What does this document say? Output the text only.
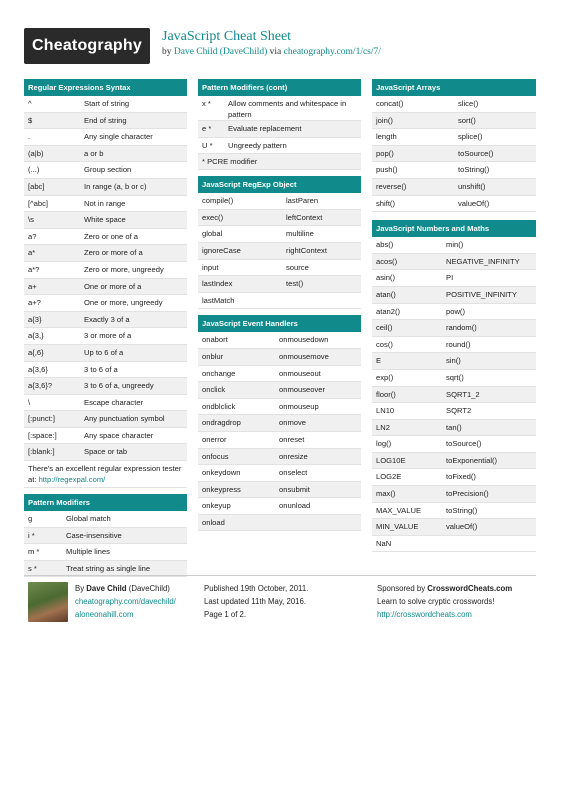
Cheatography
JavaScript Cheat Sheet
by Dave Child (DaveChild) via cheatography.com/1/cs/7/
Regular Expressions Syntax
^	Start of string
$	End of string
.	Any single character
(a|b)	a or b
(...)	Group section
[abc]	In range (a, b or c)
[^abc]	Not in range
\s	White space
a?	Zero or one of a
a*	Zero or more of a
a*?	Zero or more, ungreedy
a+	One or more of a
a+?	One or more, ungreedy
a{3}	Exactly 3 of a
a{3,}	3 or more of a
a{,6}	Up to 6 of a
a{3,6}	3 to 6 of a
a{3,6}?	3 to 6 of a, ungreedy
\	Escape character
[:punct:]	Any punctuation symbol
[:space:]	Any space character
[:blank:]	Space or tab
There's an excellent regular expression tester at: http://regexpal.com/
Pattern Modifiers
g	Global match
i *	Case-insensitive
m *	Multiple lines
s *	Treat string as single line
Pattern Modifiers (cont)
x *	Allow comments and whitespace in pattern
e *	Evaluate replacement
U *	Ungreedy pattern
* PCRE modifier
JavaScript RegExp Object
compile()	lastParen
exec()	leftContext
global	multiline
ignoreCase	rightContext
input	source
lastIndex	test()
lastMatch
JavaScript Event Handlers
onabort	onmousedown
onblur	onmousemove
onchange	onmouseout
onclick	onmouseover
ondblclick	onmouseup
ondragdrop	onmove
onerror	onreset
onfocus	onresize
onkeydown	onselect
onkeypress	onsubmit
onkeyup	onunload
onload
JavaScript Arrays
concat()	slice()
join()	sort()
length	splice()
pop()	toSource()
push()	toString()
reverse()	unshift()
shift()	valueOf()
JavaScript Numbers and Maths
abs()	min()
acos()	NEGATIVE_INFINITY
asin()	PI
atan()	POSITIVE_INFINITY
atan2()	pow()
ceil()	random()
cos()	round()
E	sin()
exp()	sqrt()
floor()	SQRT1_2
LN10	SQRT2
LN2	tan()
log()	toSource()
LOG10E	toExponential()
LOG2E	toFixed()
max()	toPrecision()
MAX_VALUE	toString()
MIN_VALUE	valueOf()
NaN
By Dave Child (DaveChild)
cheatography.com/davechild/
aloneonahill.com
Published 19th October, 2011.
Last updated 11th May, 2016.
Page 1 of 2.
Sponsored by CrosswordCheats.com
Learn to solve cryptic crosswords!
http://crosswordcheats.com
